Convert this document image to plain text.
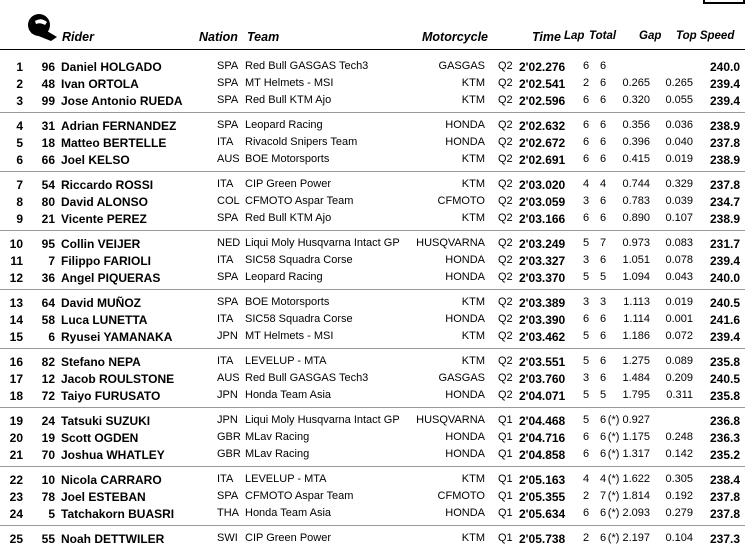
Rider	Nation Team	Motorcycle	Time Lap Total Gap Top Speed
1	96 Daniel HOLGADO	SPA Red Bull GASGAS Tech3	GASGAS Q2 2'02.276 6 6	240.0
2	48 Ivan ORTOLA	SPA MT Helmets - MSI	KTM Q2 2'02.541 2 6 0.265 0.265 239.4
3	99 Jose Antonio RUEDA	SPA Red Bull KTM Ajo	KTM Q2 2'02.596 6 6 0.320 0.055 239.4
4	31 Adrian FERNANDEZ	SPA Leopard Racing	HONDA Q2 2'02.632 6 6 0.356 0.036 238.9
5	18 Matteo BERTELLE	ITA Rivacold Snipers Team	HONDA Q2 2'02.672 6 6 0.396 0.040 237.8
6	66 Joel KELSO	AUS BOE Motorsports	KTM Q2 2'02.691 6 6 0.415 0.019 238.9
7	54 Riccardo ROSSI	ITA CIP Green Power	KTM Q2 2'03.020 4 4 0.744 0.329 237.8
8	80 David ALONSO	COL CFMOTO Aspar Team	CFMOTO Q2 2'03.059 3 6 0.783 0.039 234.7
9	21 Vicente PEREZ	SPA Red Bull KTM Ajo	KTM Q2 2'03.166 6 6 0.890 0.107 238.9
10	95 Collin VEIJER	NED Liqui Moly Husqvarna Intact GP HUSQVARNA Q2 2'03.249 5 7 0.973 0.083 231.7
11	7 Filippo FARIOLI	ITA SIC58 Squadra Corse	HONDA Q2 2'03.327 3 6 1.051 0.078 239.4
12	36 Angel PIQUERAS	SPA Leopard Racing	HONDA Q2 2'03.370 5 5 1.094 0.043 240.0
13	64 David MUÑOZ	SPA BOE Motorsports	KTM Q2 2'03.389 3 3 1.113 0.019 240.5
14	58 Luca LUNETTA	ITA SIC58 Squadra Corse	HONDA Q2 2'03.390 6 6 1.114 0.001 241.6
15	6 Ryusei YAMANAKA	JPN MT Helmets - MSI	KTM Q2 2'03.462 5 6 1.186 0.072 239.4
16	82 Stefano NEPA	ITA LEVELUP - MTA	KTM Q2 2'03.551 5 6 1.275 0.089 235.8
17	12 Jacob ROULSTONE	AUS Red Bull GASGAS Tech3	GASGAS Q2 2'03.760 3 6 1.484 0.209 240.5
18	72 Taiyo FURUSATO	JPN Honda Team Asia	HONDA Q2 2'04.071 5 5 1.795 0.311 235.8
19	24 Tatsuki SUZUKI	JPN Liqui Moly Husqvarna Intact GP HUSQVARNA Q1 2'04.468 5 6 (*) 0.927	236.8
20	19 Scott OGDEN	GBR MLav Racing	HONDA Q1 2'04.716 6 6 (*) 1.175 0.248 236.3
21	70 Joshua WHATLEY	GBR MLav Racing	HONDA Q1 2'04.858 6 6 (*) 1.317 0.142 235.2
22	10 Nicola CARRARO	ITA LEVELUP - MTA	KTM Q1 2'05.163 4 4 (*) 1.622 0.305 238.4
23	78 Joel ESTEBAN	SPA CFMOTO Aspar Team	CFMOTO Q1 2'05.355 2 7 (*) 1.814 0.192 237.8
24	5 Tatchakorn BUASRI	THA Honda Team Asia	HONDA Q1 2'05.634 6 6 (*) 2.093 0.279 237.8
25	55 Noah DETTWILER	SWI CIP Green Power	KTM Q1 2'05.738 2 6 (*) 2.197 0.104 237.3
